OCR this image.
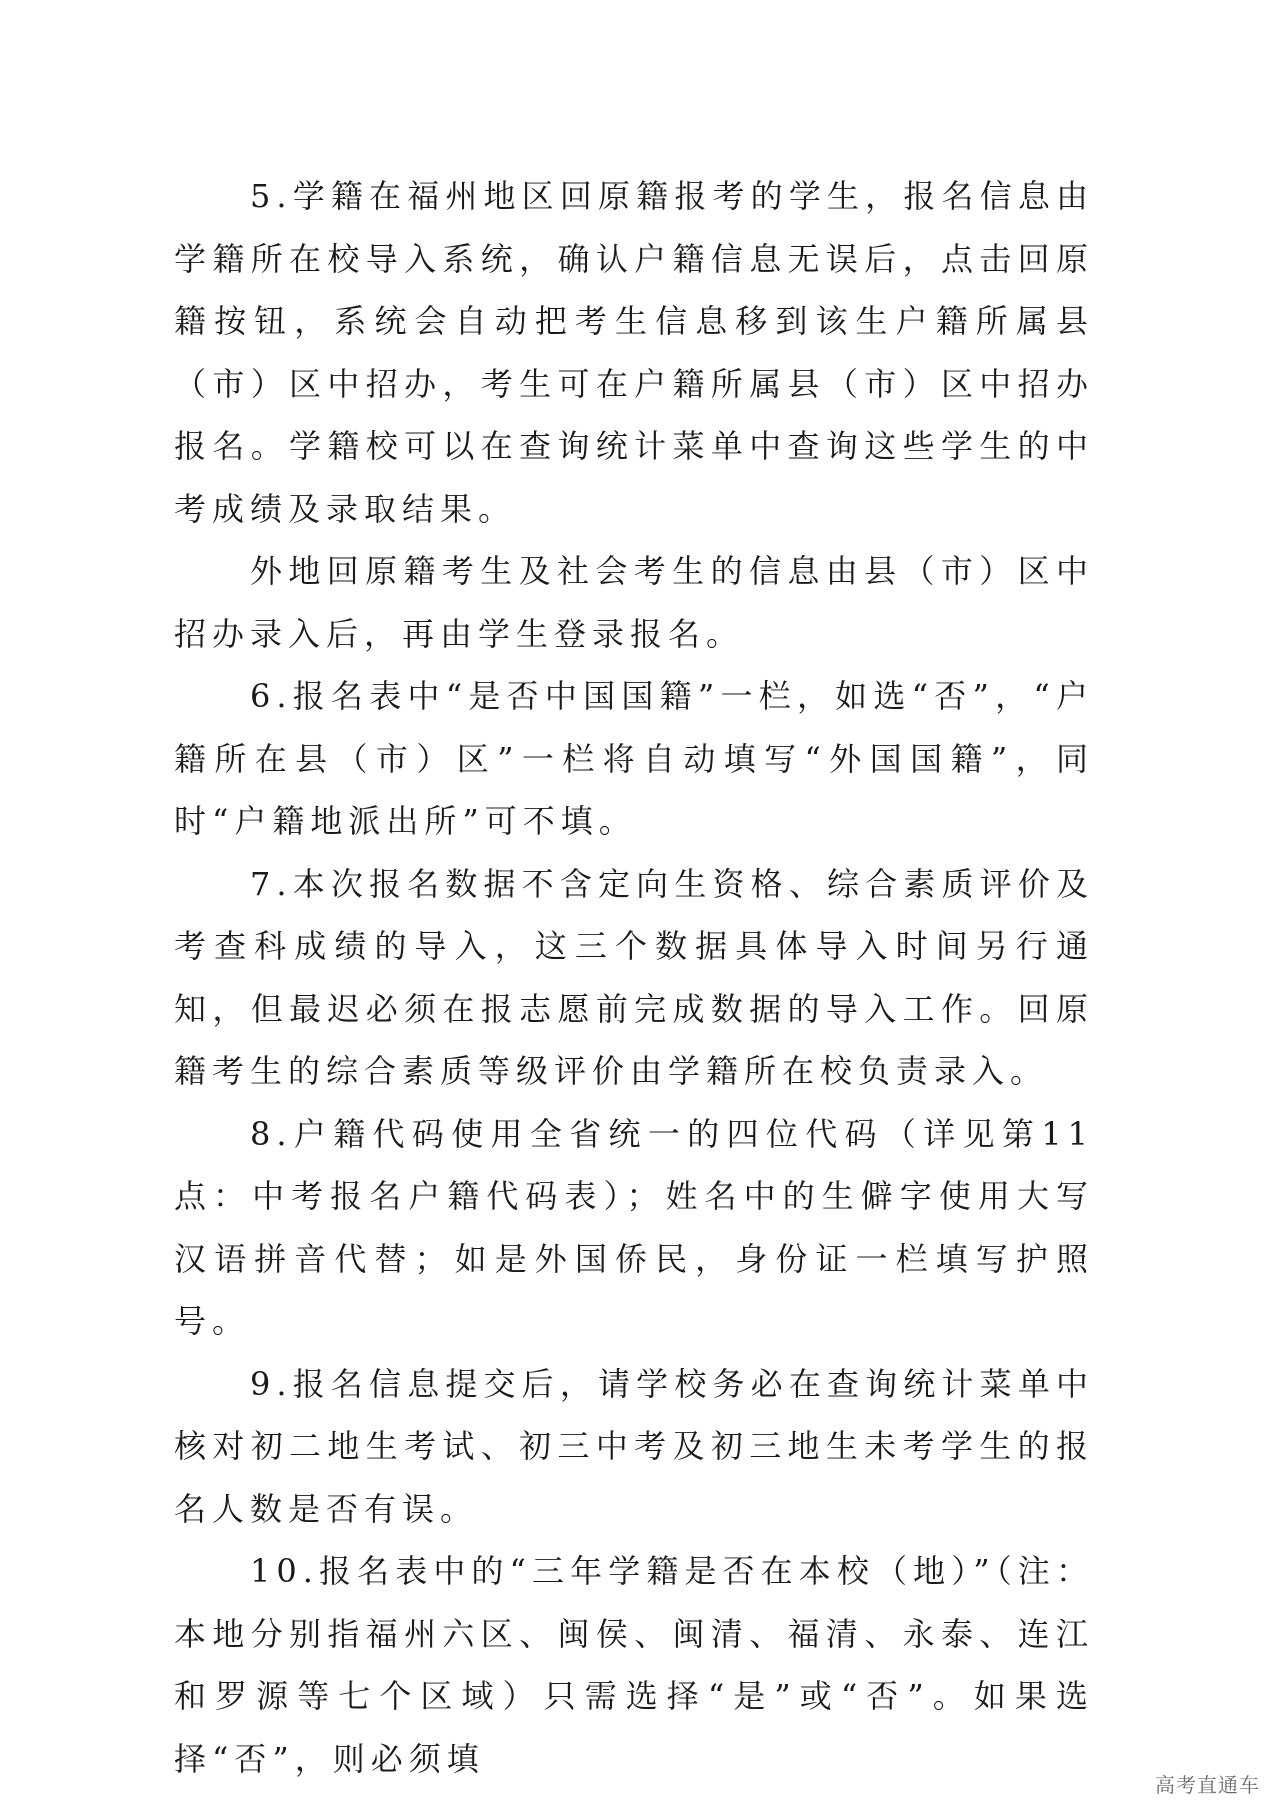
5.学籍在福州地区回原籍报考的学生，报名信息由学籍所在校导入系统，确认户籍信息无误后，点击回原籍按钮，系统会自动把考生信息移到该生户籍所属县（市）区中招办，考生可在户籍所属县（市）区中招办报名。学籍校可以在查询统计菜单中查询这些学生的中考成绩及录取结果。

外地回原籍考生及社会考生的信息由县（市）区中招办录入后，再由学生登录报名。

6.报名表中“是否中国国籍”一栏，如选“否”，“户籍所在县（市）区”一栏将自动填写“外国国籍”，同时“户籍地派出所”可不填。

7.本次报名数据不含定向生资格、综合素质评价及考查科成绩的导入，这三个数据具体导入时间另行通知，但最迟必须在报志愿前完成数据的导入工作。回原籍考生的综合素质等级评价由学籍所在校负责录入。

8.户籍代码使用全省统一的四位代码（详见第11点：中考报名户籍代码表）；姓名中的生僻字使用大写汉语拼音代替；如是外国侨民，身份证一栏填写护照号。

9.报名信息提交后，请学校务必在查询统计菜单中核对初二地生考试、初三中考及初三地生未考学生的报名人数是否有误。

10.报名表中的“三年学籍是否在本校（地）”（注：本地分别指福州六区、闽侯、闽清、福清、永泰、连江和罗源等七个区域）只需选择“是”或“否”。如果选择“否”，则必须填

高考直通车
